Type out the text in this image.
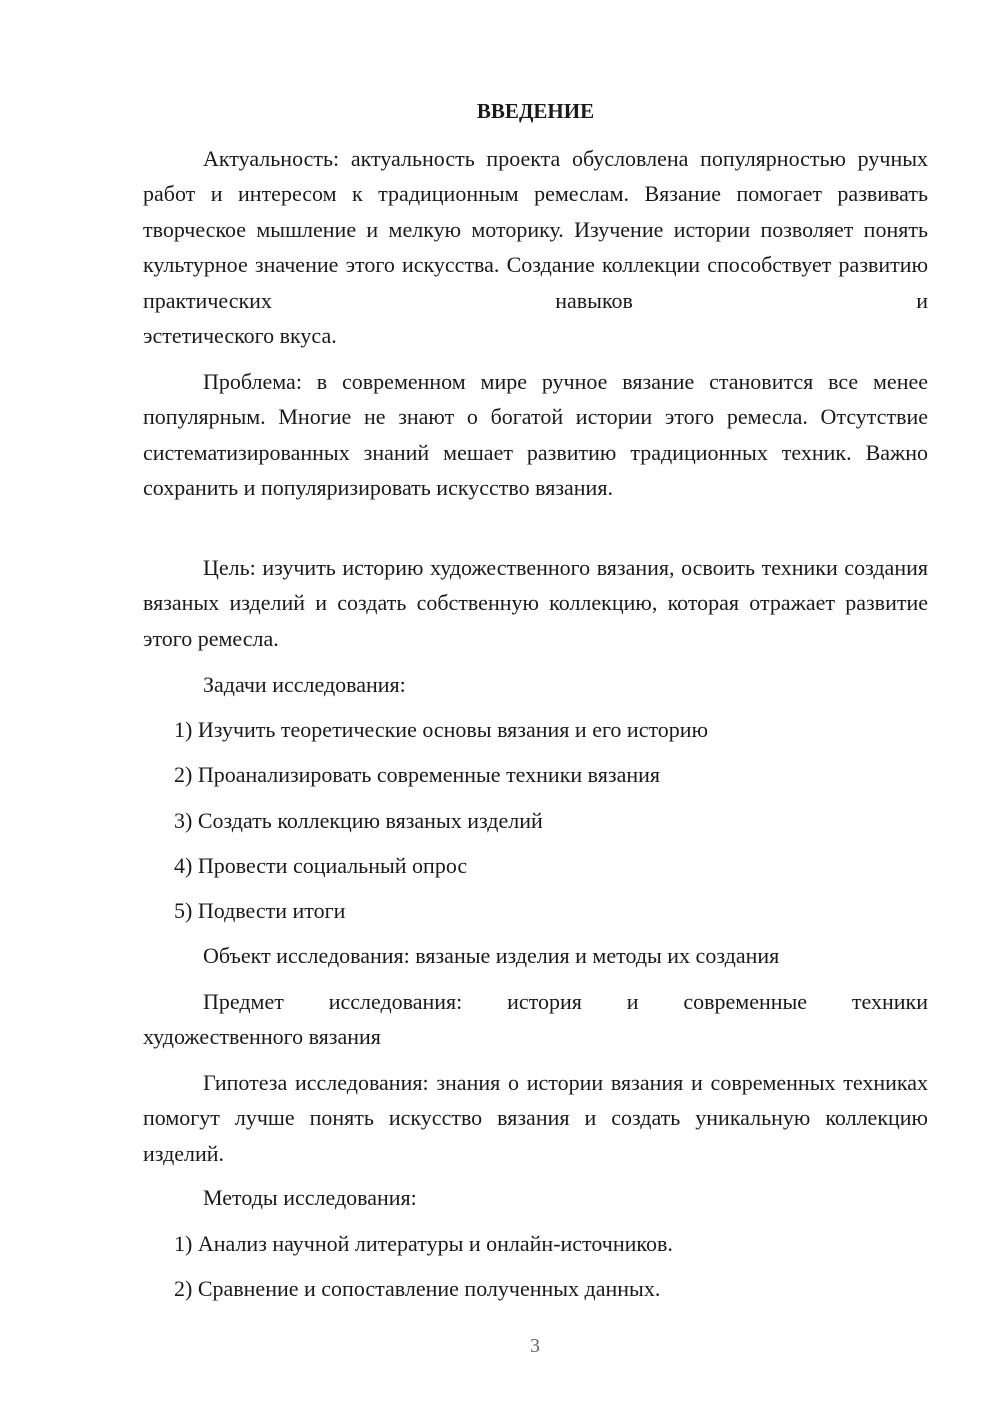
ВВЕДЕНИЕ

Актуальность: актуальность проекта обусловлена популярностью ручных работ и интересом к традиционным ремеслам. Вязание помогает развивать творческое мышление и мелкую моторику. Изучение истории позволяет понять культурное значение этого искусства. Создание коллекции способствует развитию практических навыков и

эстетического вкуса.

Проблема: в современном мире ручное вязание становится все менее популярным. Многие не знают о богатой истории этого ремесла. Отсутствие систематизированных знаний мешает развитию традиционных техник. Важно сохранить и популяризировать искусство вязания.

Цель: изучить историю художественного вязания, освоить техники создания вязаных изделий и создать собственную коллекцию, которая отражает развитие этого ремесла.

Задачи исследования:

1) Изучить теоретические основы вязания и его историю
2) Проанализировать современные техники вязания
3) Создать коллекцию вязаных изделий
4) Провести социальный опрос
5) Подвести итоги

Объект исследования: вязаные изделия и методы их создания

Предмет исследования: история и современные техники

художественного вязания

Гипотеза исследования: знания о истории вязания и современных техниках помогут лучше понять искусство вязания и создать уникальную коллекцию изделий.

Методы исследования:

1) Анализ научной литературы и онлайн-источников.
2) Сравнение и сопоставление полученных данных.

3
